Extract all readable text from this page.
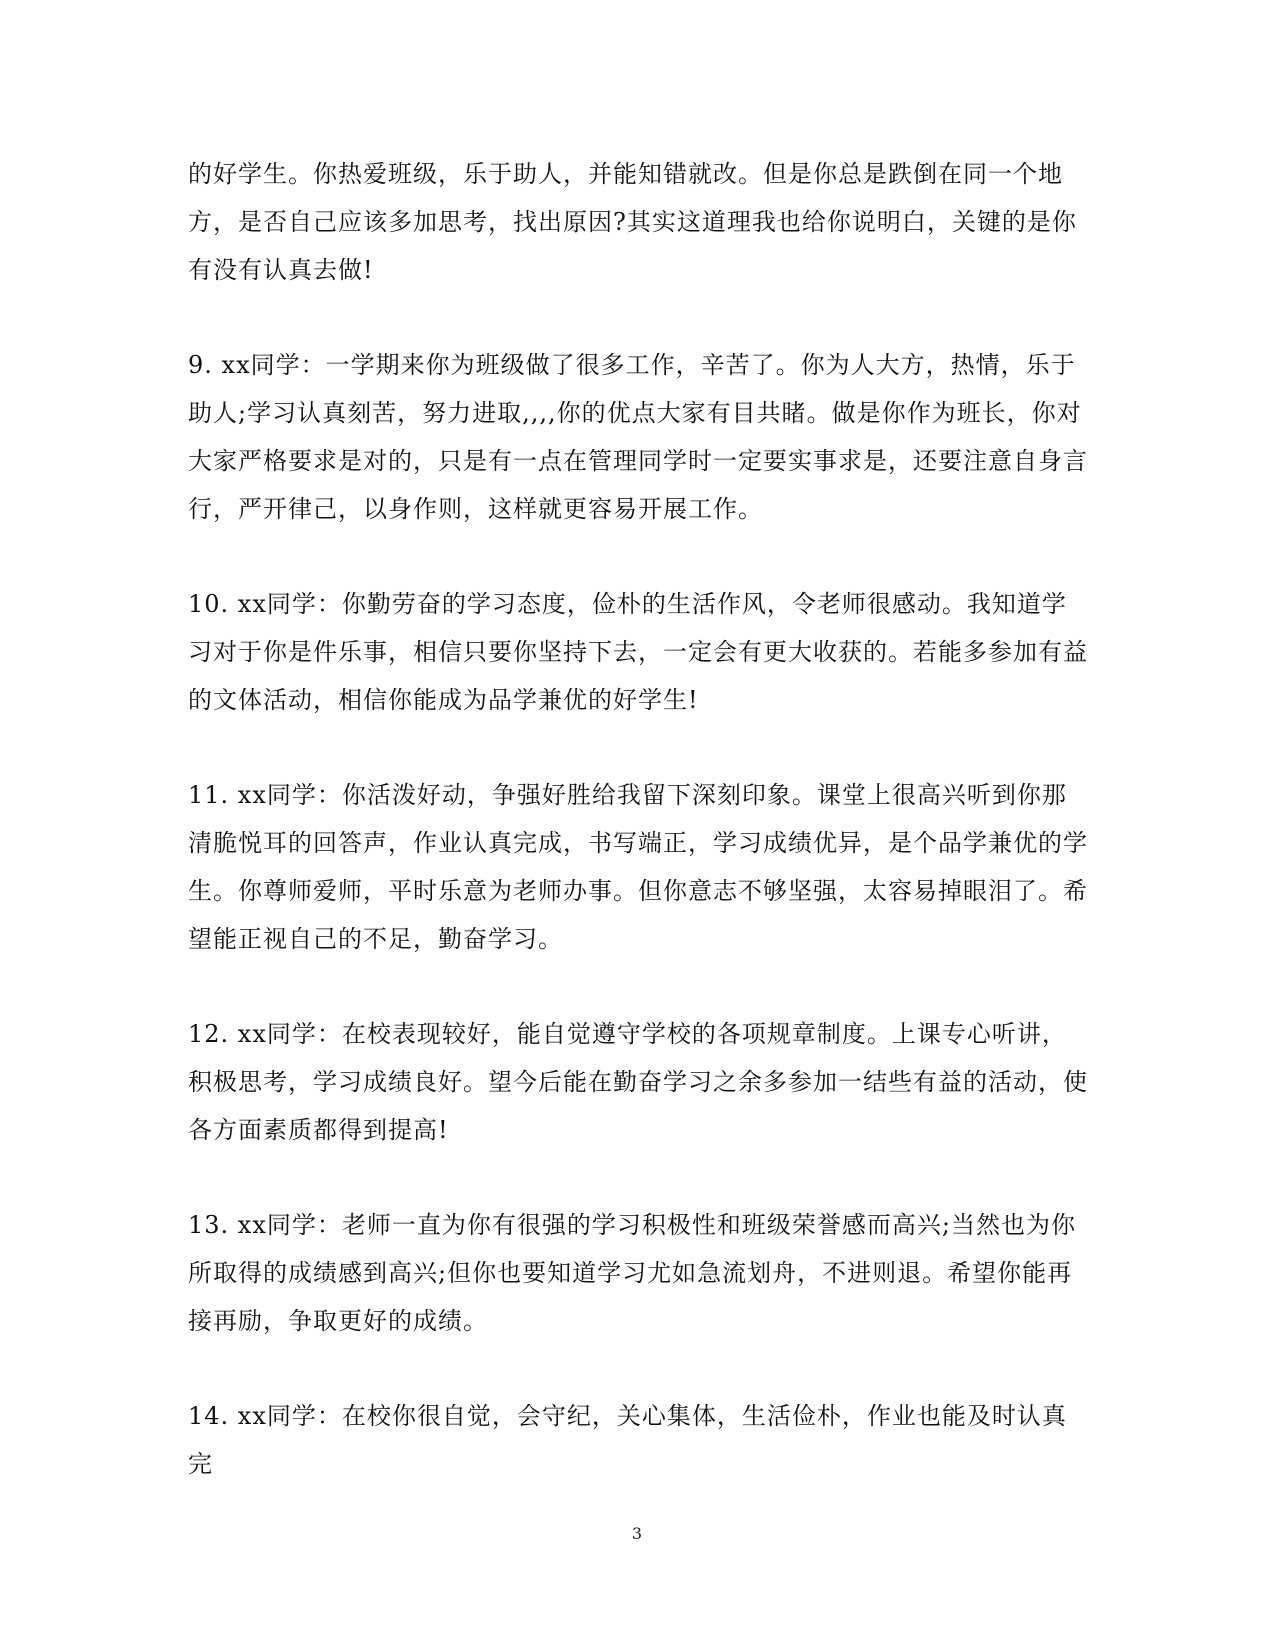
的好学生。你热爱班级，乐于助人，并能知错就改。但是你总是跌倒在同一个地方，是否自己应该多加思考，找出原因?其实这道理我也给你说明白，关键的是你有没有认真去做!

9. xx同学：一学期来你为班级做了很多工作，辛苦了。你为人大方，热情，乐于助人;学习认真刻苦，努力进取,,,,你的优点大家有目共睹。做是你作为班长，你对大家严格要求是对的，只是有一点在管理同学时一定要实事求是，还要注意自身言行，严开律己，以身作则，这样就更容易开展工作。

10. xx同学：你勤劳奋的学习态度，俭朴的生活作风，令老师很感动。我知道学习对于你是件乐事，相信只要你坚持下去，一定会有更大收获的。若能多参加有益的文体活动，相信你能成为品学兼优的好学生!

11. xx同学：你活泼好动，争强好胜给我留下深刻印象。课堂上很高兴听到你那清脆悦耳的回答声，作业认真完成，书写端正，学习成绩优异，是个品学兼优的学生。你尊师爱师，平时乐意为老师办事。但你意志不够坚强，太容易掉眼泪了。希望能正视自己的不足，勤奋学习。

12. xx同学：在校表现较好，能自觉遵守学校的各项规章制度。上课专心听讲，积极思考，学习成绩良好。望今后能在勤奋学习之余多参加一结些有益的活动，使各方面素质都得到提高!

13. xx同学：老师一直为你有很强的学习积极性和班级荣誉感而高兴;当然也为你所取得的成绩感到高兴;但你也要知道学习尤如急流划舟，不进则退。希望你能再接再励，争取更好的成绩。

14. xx同学：在校你很自觉，会守纪，关心集体，生活俭朴，作业也能及时认真完

3
